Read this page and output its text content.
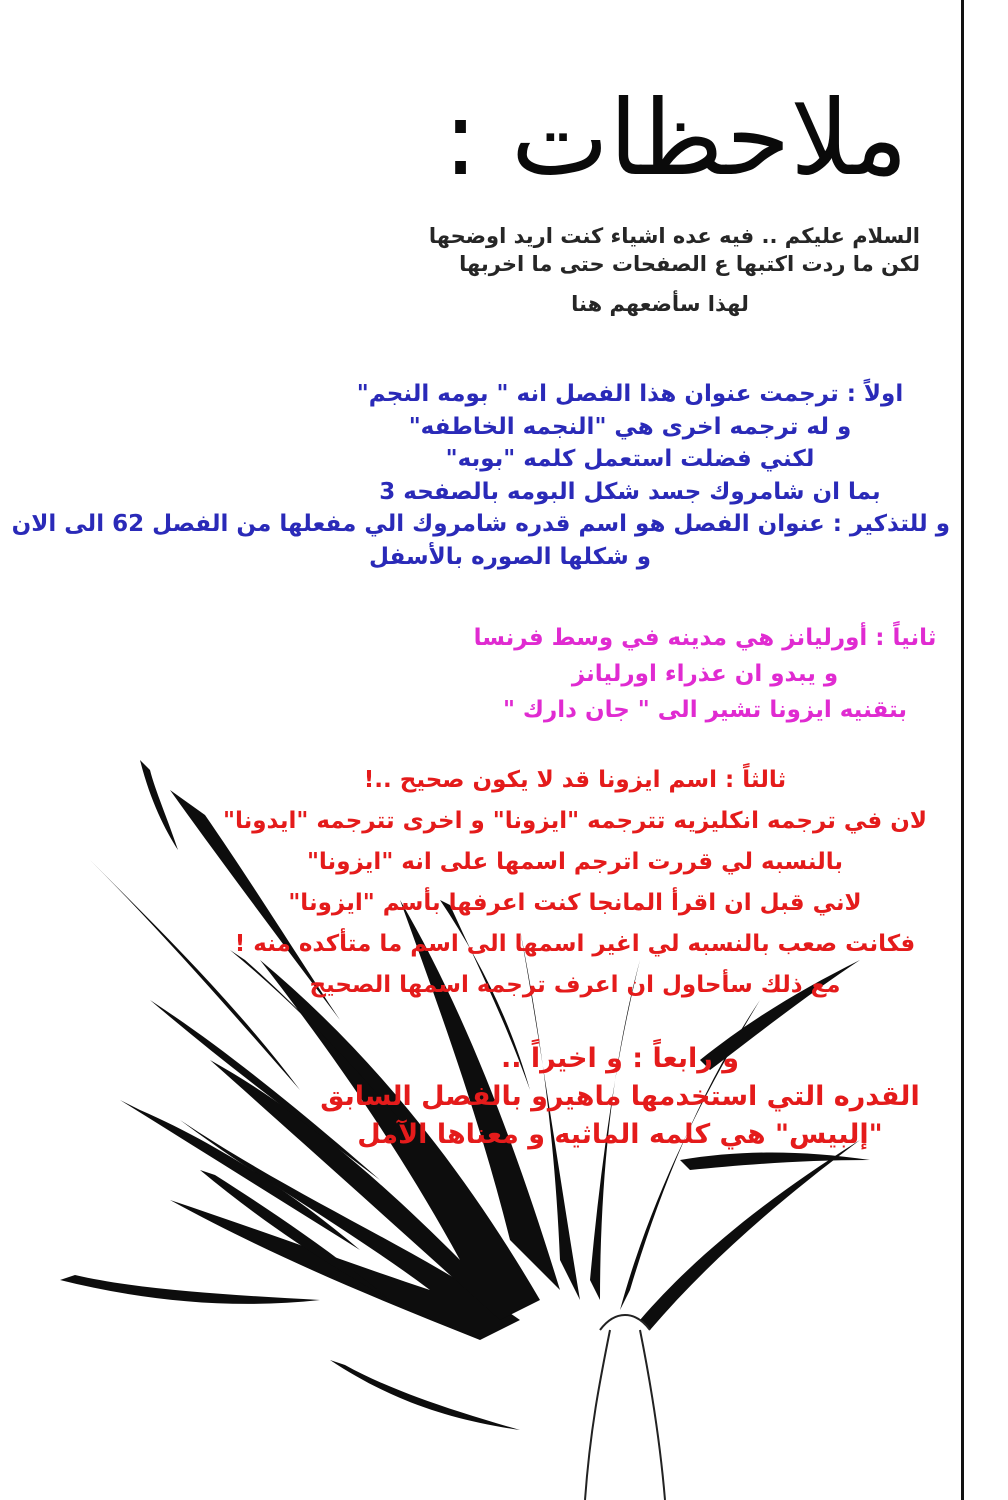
ملاحظات :

السلام عليكم .. فيه عده اشياء كنت اريد اوضحها

لكن ما ردت اكتبها ع الصفحات حتى ما اخربها

لهذا سأضعهم هنا

اولاً : ترجمت عنوان هذا الفصل انه " بومه النجم"

و له ترجمه اخرى هي "النجمه الخاطفه"

لكني فضلت استعمل كلمه "بوبه"

بما ان شامروك جسد شكل البومه بالصفحه 3

و للتذكير : عنوان الفصل هو اسم قدره شامروك الي مفعلها من الفصل 62 الى الان

و شكلها الصوره بالأسفل

ثانياً : أورليانز هي مدينه في وسط فرنسا

و يبدو ان عذراء اورليانز

بتقنيه ايزونا تشير الى " جان دارك "

ثالثاً : اسم ايزونا قد لا يكون صحيح ..!

لان في ترجمه انكليزيه تترجمه "ايزونا" و اخرى تترجمه "ايدونا"

بالنسبه لي قررت اترجم اسمها على انه "ايزونا"

لاني قبل ان اقرأ المانجا كنت اعرفها بأسم "ايزونا"

فكانت صعب بالنسبه لي اغير اسمها الى اسم ما متأكده منه !

مع ذلك سأحاول ان اعرف ترجمه اسمها الصحيح

و رابعاً : و اخيراً ..

القدره التي استخدمها ماهيرو بالفصل السابق

"إلبيس" هي كلمه الماثيه و معناها الآمل
